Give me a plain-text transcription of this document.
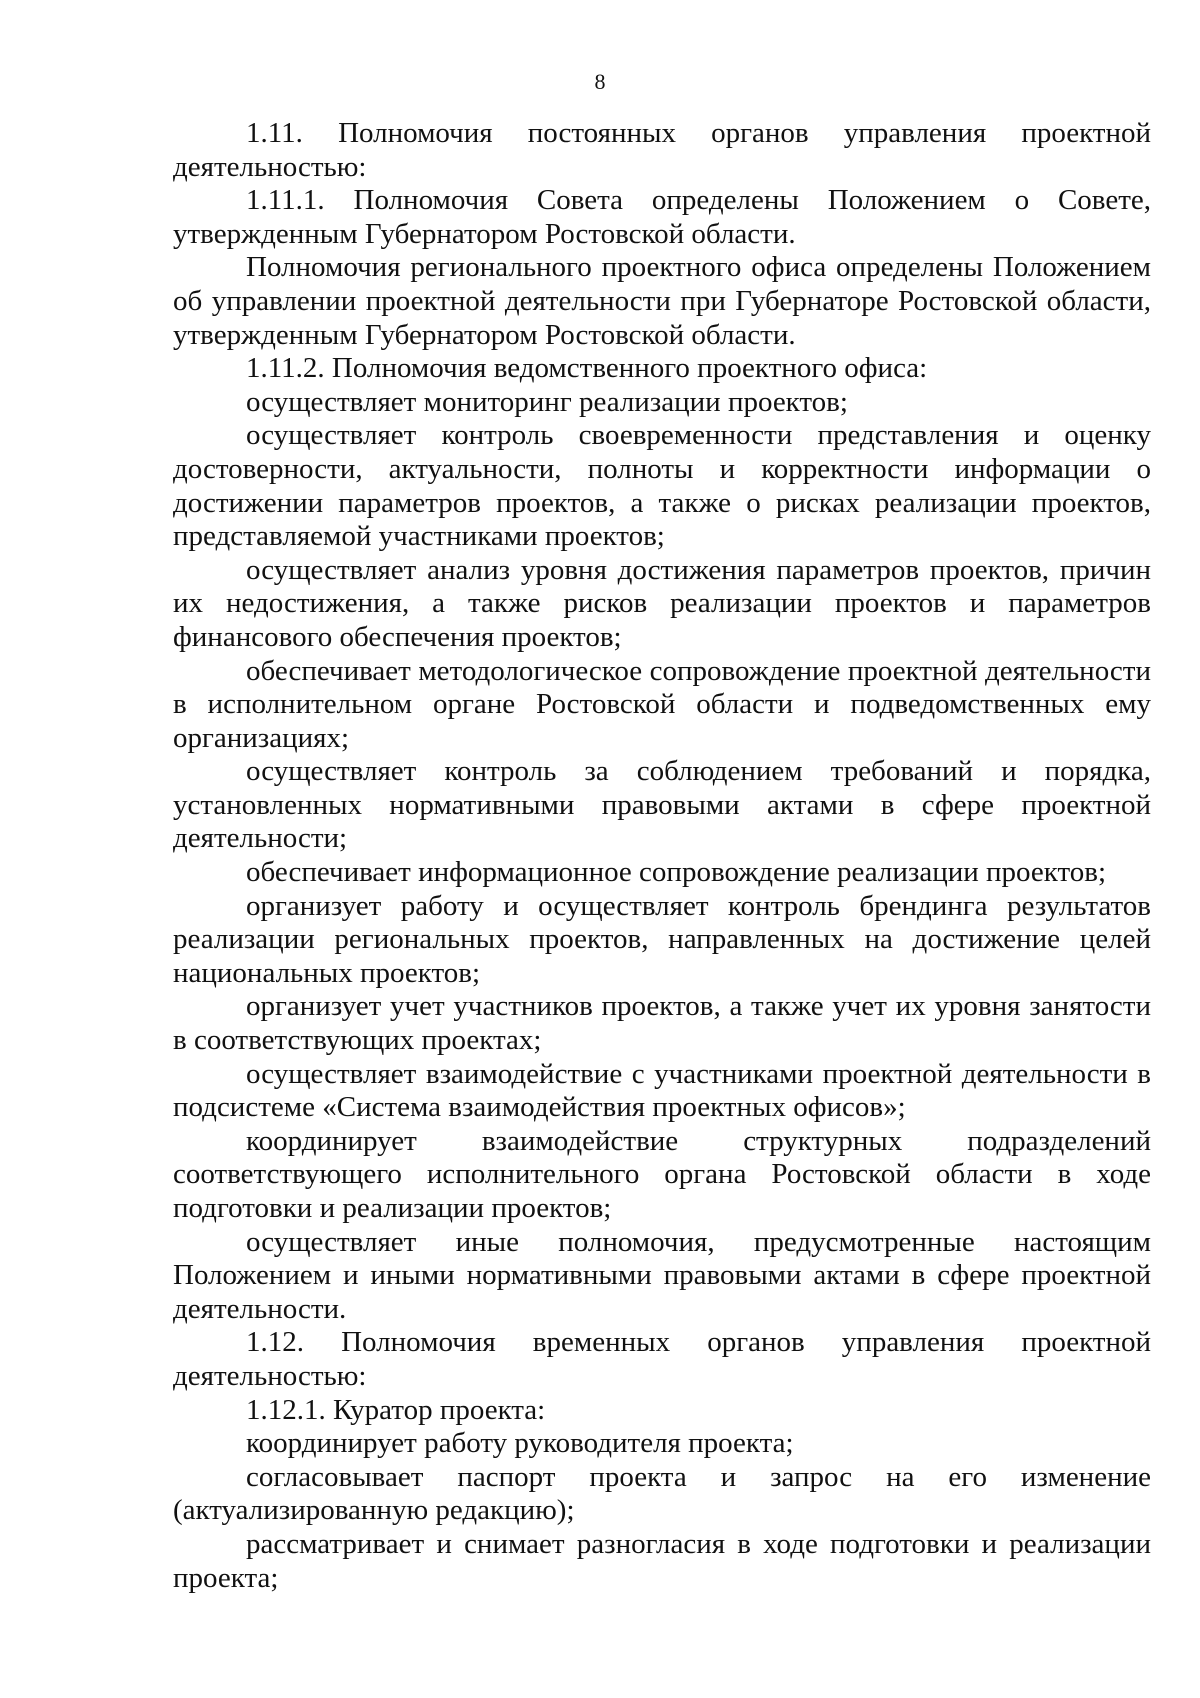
8

1.11. Полномочия постоянных органов управления проектной деятельностью:

1.11.1. Полномочия Совета определены Положением о Совете, утвержденным Губернатором Ростовской области.

Полномочия регионального проектного офиса определены Положением об управлении проектной деятельности при Губернаторе Ростовской области, утвержденным Губернатором Ростовской области.

1.11.2. Полномочия ведомственного проектного офиса:

осуществляет мониторинг реализации проектов;

осуществляет контроль своевременности представления и оценку достоверности, актуальности, полноты и корректности информации о достижении параметров проектов, а также о рисках реализации проектов, представляемой участниками проектов;

осуществляет анализ уровня достижения параметров проектов, причин их недостижения, а также рисков реализации проектов и параметров финансового обеспечения проектов;

обеспечивает методологическое сопровождение проектной деятельности в исполнительном органе Ростовской области и подведомственных ему организациях;

осуществляет контроль за соблюдением требований и порядка, установленных нормативными правовыми актами в сфере проектной деятельности;

обеспечивает информационное сопровождение реализации проектов;

организует работу и осуществляет контроль брендинга результатов реализации региональных проектов, направленных на достижение целей национальных проектов;

организует учет участников проектов, а также учет их уровня занятости в соответствующих проектах;

осуществляет взаимодействие с участниками проектной деятельности в подсистеме «Система взаимодействия проектных офисов»;

координирует взаимодействие структурных подразделений соответствующего исполнительного органа Ростовской области в ходе подготовки и реализации проектов;

осуществляет иные полномочия, предусмотренные настоящим Положением и иными нормативными правовыми актами в сфере проектной деятельности.

1.12. Полномочия временных органов управления проектной деятельностью:

1.12.1. Куратор проекта:

координирует работу руководителя проекта;

согласовывает паспорт проекта и запрос на его изменение (актуализированную редакцию);

рассматривает и снимает разногласия в ходе подготовки и реализации проекта;
